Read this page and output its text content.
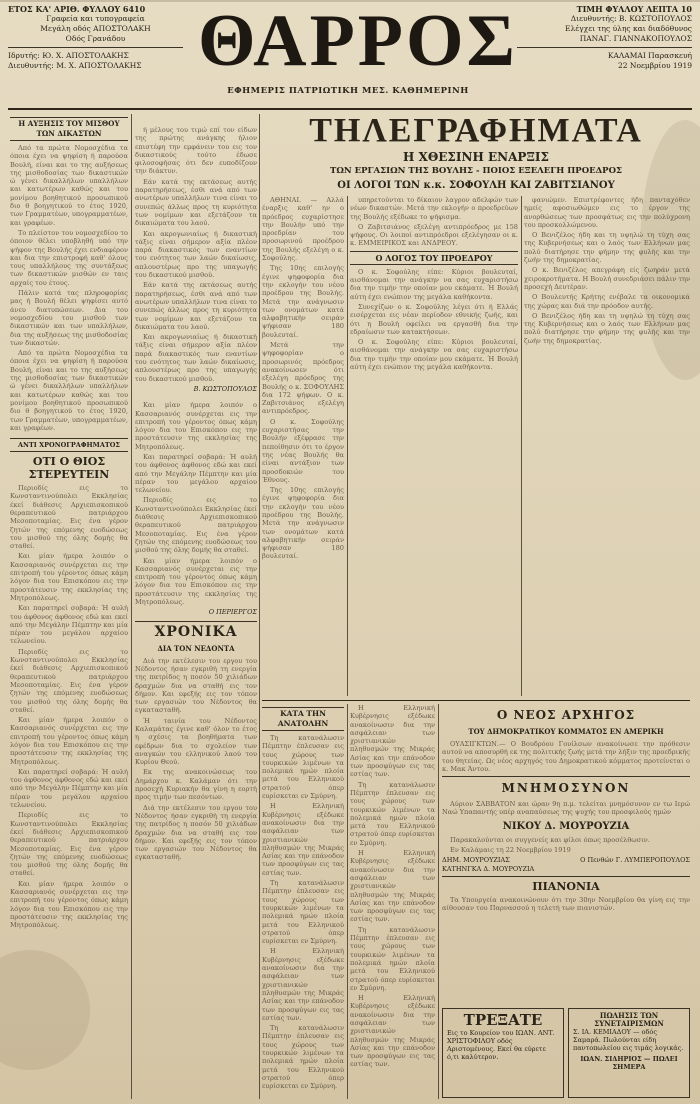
ΕΤΟΣ ΚΑ' ΑΡΙΘ. ΦΥΛΛΟΥ 6410
Γραφεία και τυπογραφεία
Μεγάλη οδός ΑΠΟΣΤΟΛΑΚΗ
Οδός Γρανάδου
Ιδρυτής: Ю. Χ. ΑΠΟΣΤΟΛΑΚΗΣ
Διευθυντής: Μ. Χ. ΑΠΟΣΤΟΛΑΚΗΣ ΘΑΡΡΟΣ
ΕΦΗΜΕΡΙΣ ΠΑΤΡΙΩΤΙΚΗ ΜΕΣ. ΚΑΘΗΜΕΡΙΝΗ
ΤΙΜΗ ΦΥΛΛΟΥ ΛΕΠΤΑ 10
Διευθυντής: Β. ΚΩΣΤΟΠΟΥΛΟΣ
Ελέγχει της ύλης και διαδόθυνος
ΠΑΝΑΓ. ΓΙΑΝΝΑΚΟΠΟΥΛΟΣ
ΚΑΛΑΜΑΙ Παρασκευή
22 Νοεμβρίου 1919
Η ΑΥΞΗΣΙΣ ΤΟΥ ΜΙΣΘΟΥ ΤΩΝ ΔΙΚΑΣΤΩΝ

Από τα πρώτα Νομοσχέδια τα όποια έχει να ψηφίση ή παρούσα Βουλή, είναι και το της αυξήσεως της μισθοδοσίας των δικαστικών ώ γένει δικαλλήλων υπαλλήλων και κατωτέρων καθώς και του μονίμου βοηθητικού προσωπικού διο θ βοηγητικού το έτος 1920, των Γραμματέων, υπογραμματέων, και γραφέων.

Το πλείστον του νομοσχεδίου το όποιον θέλει υποβληθή υπό την ψήφον της Βουλής έχει ενδιαφέρον και δια την επιστροφή καθ' όλους τους υπαλλήλους της συντάξεως των δικαστικών μισθών εν ταις αρχαίς του έτους.

Πάλιν κατά τας πληροφορίας μας ή Βουλή θέλει ψηφίσει αυτό άνευ διατυπώσεων. Δια του νομοσχεδίου του μισθού των δικαστικών και των υπαλλήλων, δια της αυξήσεως της μισθοδοσίας των δικαστών.

Από τα πρώτα Νομοσχέδια τα όποια έχει να ψηφίση ή παρούσα Βουλή, είναι και το της αυξήσεως της μισθοδοσίας των δικαστικών ώ γένει δικαλλήλων υπαλλήλων και κατωτέρων καθώς και του μονίμου βοηθητικού προσωπικού διο θ βοηγητικού το έτος 1920, των Γραμματέων, υπογραμματέων, και γραφέων.

ΑΝΤΙ ΧΡΟΝΟΓΡΑΦΗΜΑΤΟΣ
ΟΤΙ Ο ΘΙΟΣ ΣΤΕΡΕΥΤΕΙΝ

Περιοδίς εις το Κωνσταντινούπολει Εκκλησίας έκεί διάθεσις Αρχιεπισκοπικού θεραπευτικού πατριάρχου Μεσοποταμίας. Εις ένα γέρον ζητών της επόμενης ευοδώσεως του μισθού της όλης δομής θα σταθεί.

Και μίαν ήμερα λοιπόν ο Κασσαριανός συνέρχεται εις την επιτροπή του γέροντος όπως κάμη λόγον δια του Επισκόπου εις την προστάτευσιν της εκκλησίας της Μητροπόλεως.

Και παρατηρεί σοβαρά: Ή αυλή του άφθονος άφθονος εδώ και εκεί από την Μεγάλην Πέμπτην και μία πέραν του μεγάλου αρχαίου τελωνείου.

Περιοδίς εις το Κωνσταντινούπολει Εκκλησίας έκεί διάθεσις Αρχιεπισκοπικού θεραπευτικού πατριάρχου Μεσοποταμίας. Εις ένα γέρον ζητών της επόμενης ευοδώσεως του μισθού της όλης δομής θα σταθεί.

Και μίαν ήμερα λοιπόν ο Κασσαριανός συνέρχεται εις την επιτροπή του γέροντος όπως κάμη λόγον δια του Επισκόπου εις την προστάτευσιν της εκκλησίας της Μητροπόλεως.

Και παρατηρεί σοβαρά: Ή αυλή του άφθονος άφθονος εδώ και εκεί από την Μεγάλην Πέμπτην και μία πέραν του μεγάλου αρχαίου τελωνείου.

Περιοδίς εις το Κωνσταντινούπολει Εκκλησίας έκεί διάθεσις Αρχιεπισκοπικού θεραπευτικού πατριάρχου Μεσοποταμίας. Εις ένα γέρον ζητών της επόμενης ευοδώσεως του μισθού της όλης δομής θα σταθεί.

Και μίαν ήμερα λοιπόν ο Κασσαριανός συνέρχεται εις την επιτροπή του γέροντος όπως κάμη λόγον δια του Επισκόπου εις την προστάτευσιν της εκκλησίας της Μητροπόλεως.

ή μέλους του τιμώ επί τον είδων της πρώτης ανάγκης ήλιον επιστέφη την εμφάνειν του εις τον δικαστικούς τούτο έδωσε φιλοσοφήσας ότι δεν ευποδίζουν την διάκτυν.

Εάν κατά της εκτάσεως αυτής παρατηρήσεως, έσθι ανά από των ανωτέρων υπαλλήλων τινα είναι το συνεπώς άλλως προς τη κυριότητα των νομίμων και εξετάζουν τα δικαιώματα του λαού.

Και ακρογωνιαίως ή δικαστική τάξις είναι σήμερον αξία πλέον παρά διακαστικός των εναντίων του ενότητος των λαών δικαίωσις, απλουστέρως προ της υπαγωγής του δικαστικού μισθού.

Εάν κατά της εκτάσεως αυτής παρατηρήσεως, έσθι ανά από των ανωτέρων υπαλλήλων τινα είναι το συνεπώς άλλως προς τη κυριότητα των νομίμων και εξετάζουν τα δικαιώματα του λαού.

Και ακρογωνιαίως ή δικαστική τάξις είναι σήμερον αξία πλέον παρά διακαστικός των εναντίων του ενότητος των λαών δικαίωσις, απλουστέρως προ της υπαγωγής του δικαστικού μισθού.

Β. ΚΩΣΤΟΠΟΥΛΟΣ

Και μίαν ήμερα λοιπόν ο Κασσαριανός συνέρχεται εις την επιτροπή του γέροντος όπως κάμη λόγον δια του Επισκόπου εις την προστάτευσιν της εκκλησίας της Μητροπόλεως.

Και παρατηρεί σοβαρά: Ή αυλή του άφθονος άφθονος εδώ και εκεί από την Μεγάλην Πέμπτην και μία πέραν του μεγάλου αρχαίου τελωνείου.

Περιοδίς εις το Κωνσταντινούπολει Εκκλησίας έκεί διάθεσις Αρχιεπισκοπικού θεραπευτικού πατριάρχου Μεσοποταμίας. Εις ένα γέρον ζητών της επόμενης ευοδώσεως του μισθού της όλης δομής θα σταθεί.

Και μίαν ήμερα λοιπόν ο Κασσαριανός συνέρχεται εις την επιτροπή του γέροντος όπως κάμη λόγον δια του Επισκόπου εις την προστάτευσιν της εκκλησίας της Μητροπόλεως.

Ο ΠΕΡΙΕΡΓΟΣ
ΧΡΟΝΙΚΑ
ΔΙΑ ΤΟΝ ΝΕΔΟΝΤΑ

Διά την εκτέλεσιν του εργου του Νέδοντος ήσαν εγκριθή τη ενεργία της πατρίδος η ποσόν 50 χιλιάδων δραχμών δια να σταθή εις τον δήμον. Και εφεξής εις τον τόπον των εργασιών του Νέδοντος θα εγκατασταθή.

Ή ταινία του Νέδοντος Καλαμάτας έγινε καθ' όλον το έτος η σχέσις τα βοηθήματα των εφέδρων δια το σχολείον των αναγκών του ελληνικού λαού του Κυρίου Θεού.

Εκ της ανακοινώσεως του Δημάρχου κ. Καλάμαν ότι την προσεχή Κυριακήν θα γίνη η εορτή προς τιμήν των πεσόντων.

Διά την εκτέλεσιν του εργου του Νέδοντος ήσαν εγκριθή τη ενεργία της πατρίδος η ποσόν 50 χιλιάδων δραχμών δια να σταθή εις τον δήμον. Και εφεξής εις τον τόπον των εργασιών του Νέδοντος θα εγκατασταθή.

ΤΗΛΕΓΡΑΦΗΜΑΤΑ
Η ΧΘΕΣΙΝΗ ΕΝΑΡΞΙΣ
ΤΩΝ ΕΡΓΑΣΙΩΝ ΤΗΣ ΒΟΥΛΗΣ - ΠΟΙΟΣ ΕΞΕΛΕΓΗ ΠΡΟΕΔΡΟΣ
ΟΙ ΛΟΓΟΙ ΤΩΝ κ.κ. ΣΟΦΟΥΛΗ ΚΑΙ ΖΑΒΙΤΣΙΑΝΟΥ

ΑΘΗΝΑΙ. — Αλλά έναρξις καθ' ην ο πρόεδρος ευχαρίστησε την Βουλήν υπό την προεδρίαν του προσωρινού προέδρου της Βουλής εξελέγη ο κ. Σοφούλης.

Της 10ης επιλογής έγινε ψηφοφορία δια την εκλογήν του νέου προέδρου της Βουλής. Μετά την ανάγνωσιν των ονομάτων κατά αλφαβητικήν σειράν ψήφισαν 180 βουλευταί.

Μετά την ψηφοφορίαν ο προσωρινός πρόεδρος ανακοίνωσεν ότι εξελέγη πρόεδρος της Βουλής ο κ. ΣΟΦΟΥΛΗΣ δια 172 ψήφων. Ο κ. Ζαβιτσιάνος εξελέγη αντιπρόεδρος.

Ο κ. Σοφούλης ευχαριστήσας την Βουλήν εξέφρασε την πεποίθησιν ότι το έργον της νέας Βουλής θα είναι αντάξιον των προσδοκιών του Έθνους.

Της 10ης επιλογής έγινε ψηφοφορία δια την εκλογήν του νέου προέδρου της Βουλής. Μετά την ανάγνωσιν των ονομάτων κατά αλφαβητικήν σειράν ψήφισαν 180 βουλευταί.

υπηρετούνται το δίκαιον λαγρον αδελφών των νέων δικαστών. Μετά την εκλογήν ο προεδρεύων της Βουλής εξέδωκε το ψήφισμα.

Ο Ζαβιτσιάνος εξελέγη αντιπρόεδρος με 158 ψήφους. Οι λοιποί αντιπρόεδροι εξελέγησαν οι κ. κ. ΕΜΜΕΙΡΙΚΟΣ και ΑΝΔΡΕΟΥ.

Ο ΛΟΓΟΣ ΤΟΥ ΠΡΟΕΔΡΟΥ

Ο κ. Σοφούλης είπε: Κύριοι βουλευταί, αισθάνομαι την ανάγκην να σας ευχαριστήσω δια την τιμήν την οποίαν μου εκάματε. Ή Βουλή αύτη έχει ενώπιον της μεγάλα καθήκοντα.

Συνεχίζων ο κ. Σοφούλης λέγει ότι ή Ελλάς εισέρχεται εις νέαν περίοδον εθνικής ζωής, και ότι η Βουλή οφείλει να εργασθή δια την εδραίωσιν των κατακτήσεων.

Ο κ. Σοφούλης είπε: Κύριοι βουλευταί, αισθάνομαι την ανάγκην να σας ευχαριστήσω δια την τιμήν την οποίαν μου εκάματε. Ή Βουλή αύτη έχει ενώπιον της μεγάλα καθήκοντα.

φανιώμεν. Επιστρέφοντες ήδη πανταχόθεν ημείς αφοσιωθώμεν εις το έργον της ανορθώσεως των προσφάτως εις την πολύχρονη του προσκολλώμενου.

Ο Βενιζέλος ήδη και τη υψηλώ τη τύχη σας της Κυβερνήσεως και ο λαός των Ελλήνων μας πολύ διατήρησε την φήμην της φυλής και την ζωήν της δημοκρατίας.

Ο κ. Βενιζέλος απεγράφη είς ζωηράν μετά χειροκροτήματα. Η Βουλή συνεδριάσει πάλιν την προσεχή Δευτέραν.

Ο Βουλευτής Κρήτης ενέβαλε τα οικονομικά της χώρας και διά την πρόοδον αυτής.

Ο Βενιζέλος ήδη και τη υψηλώ τη τύχη σας της Κυβερνήσεως και ο λαός των Ελλήνων μας πολύ διατήρησε την φήμην της φυλής και την ζωήν της δημοκρατίας.

ΚΑΤΑ ΤΗΝ ΑΝΑΤΟΛΗΝ

Τη κατανάλωσιν Πέμπτην έπλευσαν εις τους χώρους των τουρκικών λιμένων τα πολεμικά ημών πλοία μετά του Ελληνικού στρατού όπερ ευρίσκεται εν Σμύρνη.

Η Ελληνική Κυβέρνησις εξέδωκε ανακοίνωσιν δια την ασφάλειαν των χριστιανικών πληθυσμών της Μικράς Ασίας και την επάνοδον των προσφύγων εις τας εστίας των.

Τη κατανάλωσιν Πέμπτην έπλευσαν εις τους χώρους των τουρκικών λιμένων τα πολεμικά ημών πλοία μετά του Ελληνικού στρατού όπερ ευρίσκεται εν Σμύρνη.

Η Ελληνική Κυβέρνησις εξέδωκε ανακοίνωσιν δια την ασφάλειαν των χριστιανικών πληθυσμών της Μικράς Ασίας και την επάνοδον των προσφύγων εις τας εστίας των.

Τη κατανάλωσιν Πέμπτην έπλευσαν εις τους χώρους των τουρκικών λιμένων τα πολεμικά ημών πλοία μετά του Ελληνικού στρατού όπερ ευρίσκεται εν Σμύρνη.

Η Ελληνική Κυβέρνησις εξέδωκε ανακοίνωσιν δια την ασφάλειαν των χριστιανικών πληθυσμών της Μικράς Ασίας και την επάνοδον των προσφύγων εις τας εστίας των.

Τη κατανάλωσιν Πέμπτην έπλευσαν εις τους χώρους των τουρκικών λιμένων τα πολεμικά ημών πλοία μετά του Ελληνικού στρατού όπερ ευρίσκεται εν Σμύρνη.

Η Ελληνική Κυβέρνησις εξέδωκε ανακοίνωσιν δια την ασφάλειαν των χριστιανικών πληθυσμών της Μικράς Ασίας και την επάνοδον των προσφύγων εις τας εστίας των.

Τη κατανάλωσιν Πέμπτην έπλευσαν εις τους χώρους των τουρκικών λιμένων τα πολεμικά ημών πλοία μετά του Ελληνικού στρατού όπερ ευρίσκεται εν Σμύρνη.

Η Ελληνική Κυβέρνησις εξέδωκε ανακοίνωσιν δια την ασφάλειαν των χριστιανικών πληθυσμών της Μικράς Ασίας και την επάνοδον των προσφύγων εις τας εστίας των.

Ο ΝΕΟΣ ΑΡΧΗΓΟΣ
ΤΟΥ ΔΗΜΟΚΡΑΤΙΚΟΥ ΚΟΜΜΑΤΟΣ ΕΝ ΑΜΕΡΙΚΗ

ΟΥΑΣΙΓΚΤΩΝ.— Ο Βουδρόου Γουίλσων ανακοίνωσε την πρόθεσιν αυτού να αποσυρθή εκ της πολιτικής ζωής μετά την λήξιν της προεδρικής του θητείας. Ως νέος αρχηγός του Δημοκρατικού κόμματος προτείνεται ο κ. Μακ Άντου.

ΜΝΗΜΟΣΥΝΟΝ

Αύριον ΣΑΒΒΑΤΟΝ και ώραν 9η π.μ. τελείται μνημόσυνον εν τω Ιερώ Ναώ Υπαπαντής υπέρ αναπαύσεως της ψυχής του προσφιλούς ημών

ΝΙΚΟΥ Δ. ΜΟΥΡΟΥΖΙΑ

Παρακαλούνται οι συγγενείς και φίλοι όπως προσέλθωσιν.

Εν Καλάμαις τη 22 Νοεμβρίου 1919

ΔΗΜ. ΜΟΥΡΟΥΖΙΑΣ
ΚΑΤΗΝΓΚΑ Δ. ΜΟΥΡΟΥΖΙΑ
Ο Πενθών Γ. ΛΥΜΠΕΡΟΠΟΥΛΟΣ
ΠΙΑΝΟΝΙΑ

Τα Υπουργεία ανακοινώνουν ότι την 30ην Νοεμβρίου θα γίνη εις την αίθουσαν του Παρνασσού η τελετή των πιανιστών.

ΤΡΕΞΑΤΕ
Εις το Κουρείον του ΙΩΑΝ. ΑΝΤ. ΧΡΙΣΤΟΦΙΛΟΥ οδός Αριστομένους. Εκεί θα εύρετε ό,τι καλύτερον.
ΠΩΛΗΣΙΣ ΤΩΝ ΣΥΝΕΤΑΙΡΙΣΜΩΝ
Σ. ΙΑ. ΚΕΜΙΑΔΟΥ — οδός Σαμαρά. Πωλούνται είδη παντοπωλείου εις τιμάς λογικάς.
ΙΩΑΝ. ΣΙΔΗΡΙΟΣ — ΠΩΛΕΙ ΣΗΜΕΡΑ
